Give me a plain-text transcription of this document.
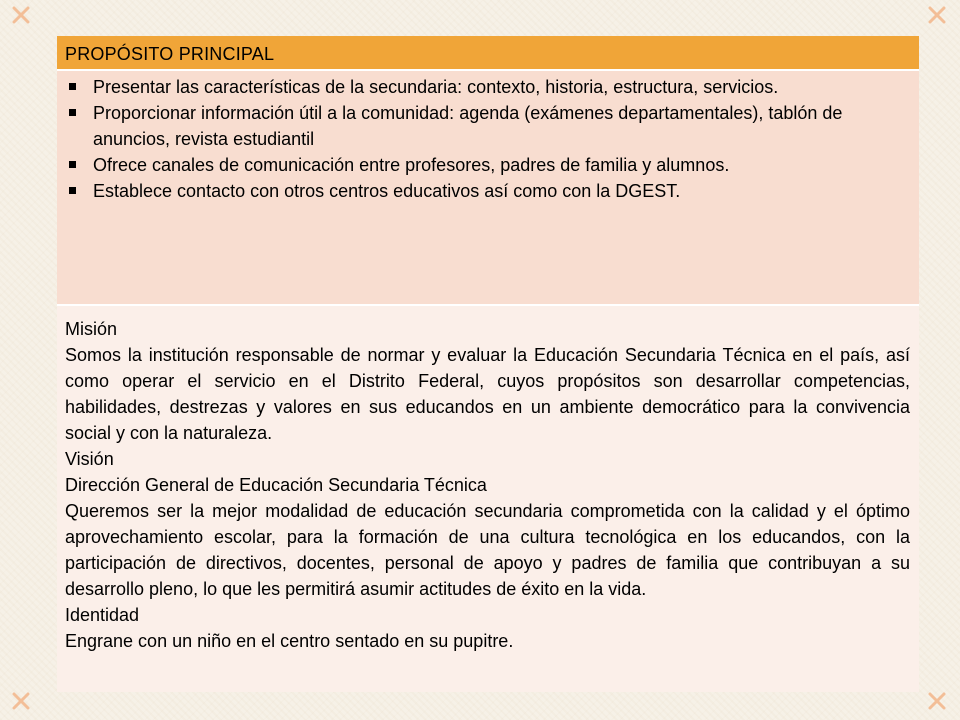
PROPÓSITO PRINCIPAL
Presentar las características de la secundaria: contexto, historia, estructura, servicios.
Proporcionar información útil a la comunidad: agenda (exámenes departamentales), tablón de anuncios, revista estudiantil
Ofrece canales de comunicación entre profesores, padres de familia y alumnos.
Establece contacto con otros centros educativos así como con la DGEST.

Misión

Somos la institución responsable de normar y evaluar la Educación Secundaria Técnica en el país, así como operar el servicio en el Distrito Federal, cuyos propósitos son desarrollar competencias, habilidades, destrezas y valores en sus educandos en un ambiente democrático para la convivencia social y con la naturaleza.

Visión

Dirección General de Educación Secundaria Técnica

Queremos ser la mejor modalidad de educación secundaria comprometida con la calidad y el óptimo aprovechamiento escolar, para la formación de una cultura tecnológica en los educandos, con la participación de directivos, docentes, personal de apoyo y padres de familia que contribuyan a su desarrollo pleno, lo que les permitirá asumir actitudes de éxito en la vida.

Identidad

Engrane con un niño en el centro sentado en su pupitre.
